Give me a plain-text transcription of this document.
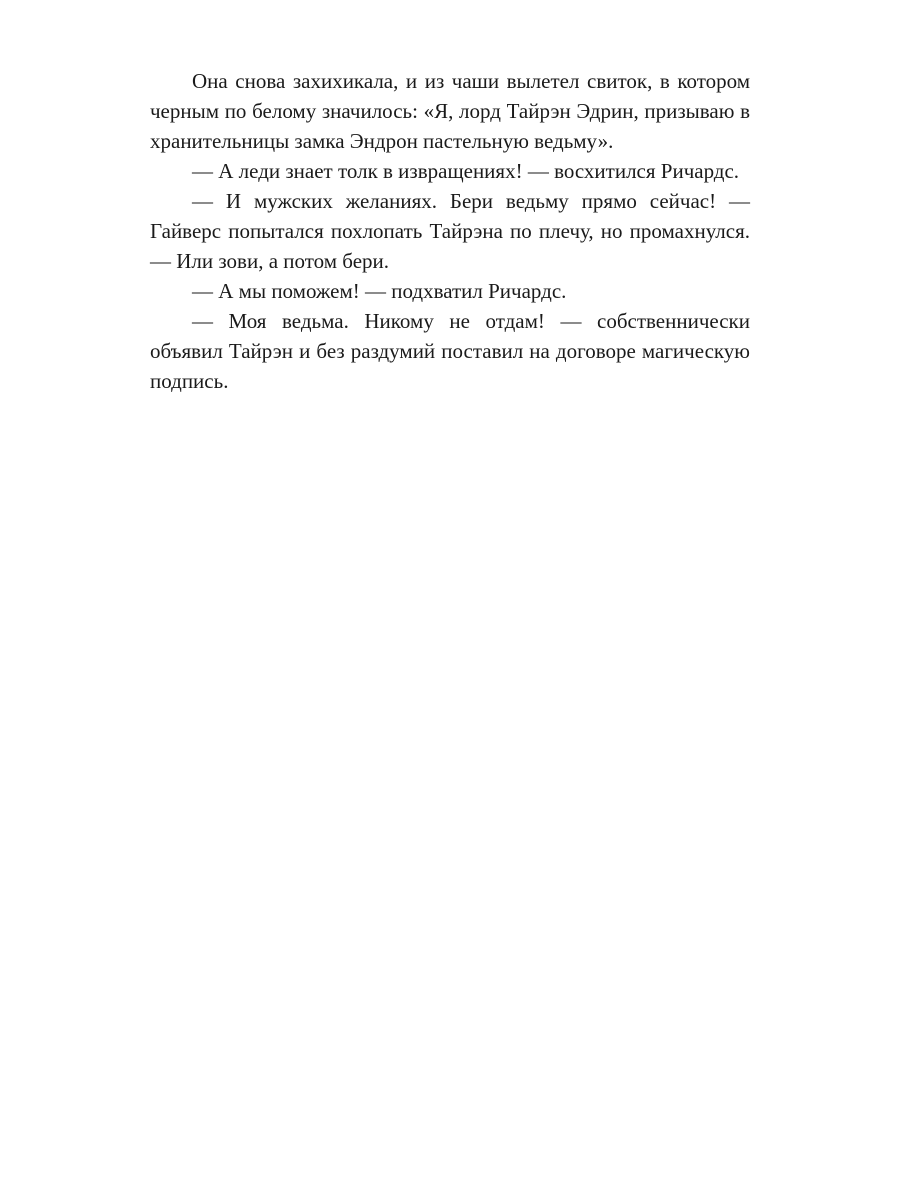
Она снова захихикала, и из чаши вылетел свиток, в котором черным по белому значилось: «Я, лорд Тайрэн Эдрин, призываю в хранительницы замка Эндрон пастельную ведьму».

— А леди знает толк в извращениях! — восхитился Ричардс.

— И мужских желаниях. Бери ведьму прямо сейчас! — Гайверс попытался похлопать Тайрэна по плечу, но промахнулся. — Или зови, а потом бери.

— А мы поможем! — подхватил Ричардс.

— Моя ведьма. Никому не отдам! — собственнически объявил Тайрэн и без раздумий поставил на договоре магическую подпись.
